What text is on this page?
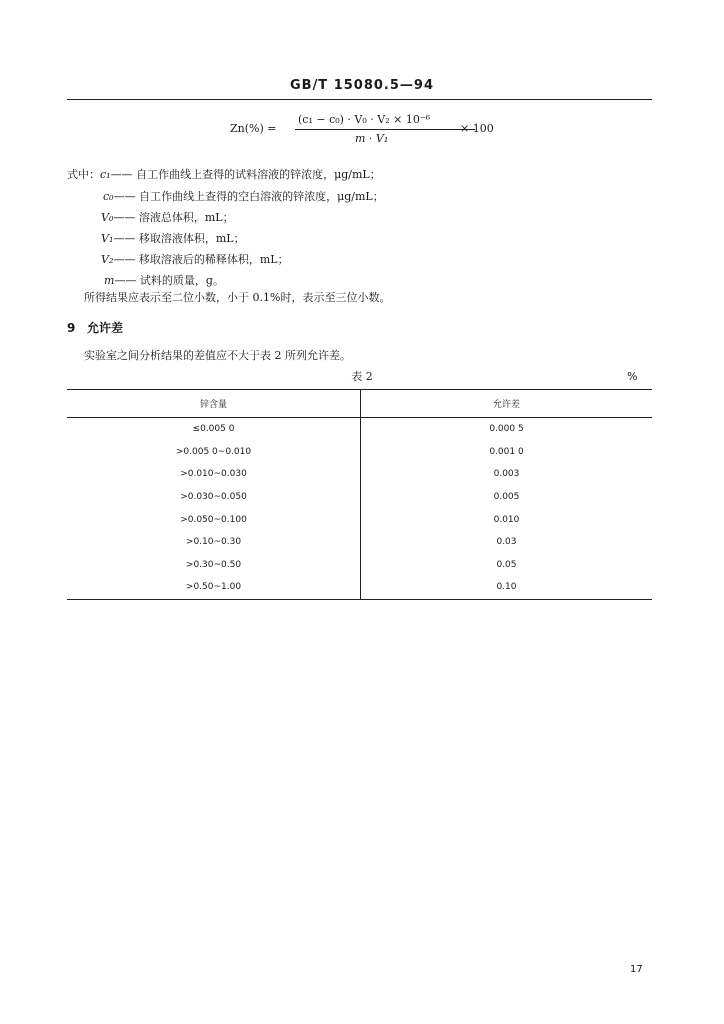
GB/T 15080.5—94
Zn(%) =
(c₁ − c₀) · V₀ · V₂ × 10⁻⁶
m · V₁
× 100
式中：c₁—— 自工作曲线上查得的试料溶液的锌浓度，μg/mL；
c₀—— 自工作曲线上查得的空白溶液的锌浓度，μg/mL；
V₀—— 溶液总体积，mL；
V₁—— 移取溶液体积，mL；
V₂—— 移取溶液后的稀释体积，mL；
m—— 试料的质量，g。
所得结果应表示至二位小数，小于 0.1%时，表示至三位小数。
9 允许差
实验室之间分析结果的差值应不大于表 2 所列允许差。
表 2	%
锌含量	允许差
≤0.005 0	0.000 5
>0.005 0~0.010	0.001 0
>0.010~0.030	0.003
>0.030~0.050	0.005
>0.050~0.100	0.010
>0.10~0.30	0.03
>0.30~0.50	0.05
>0.50~1.00	0.10
17
